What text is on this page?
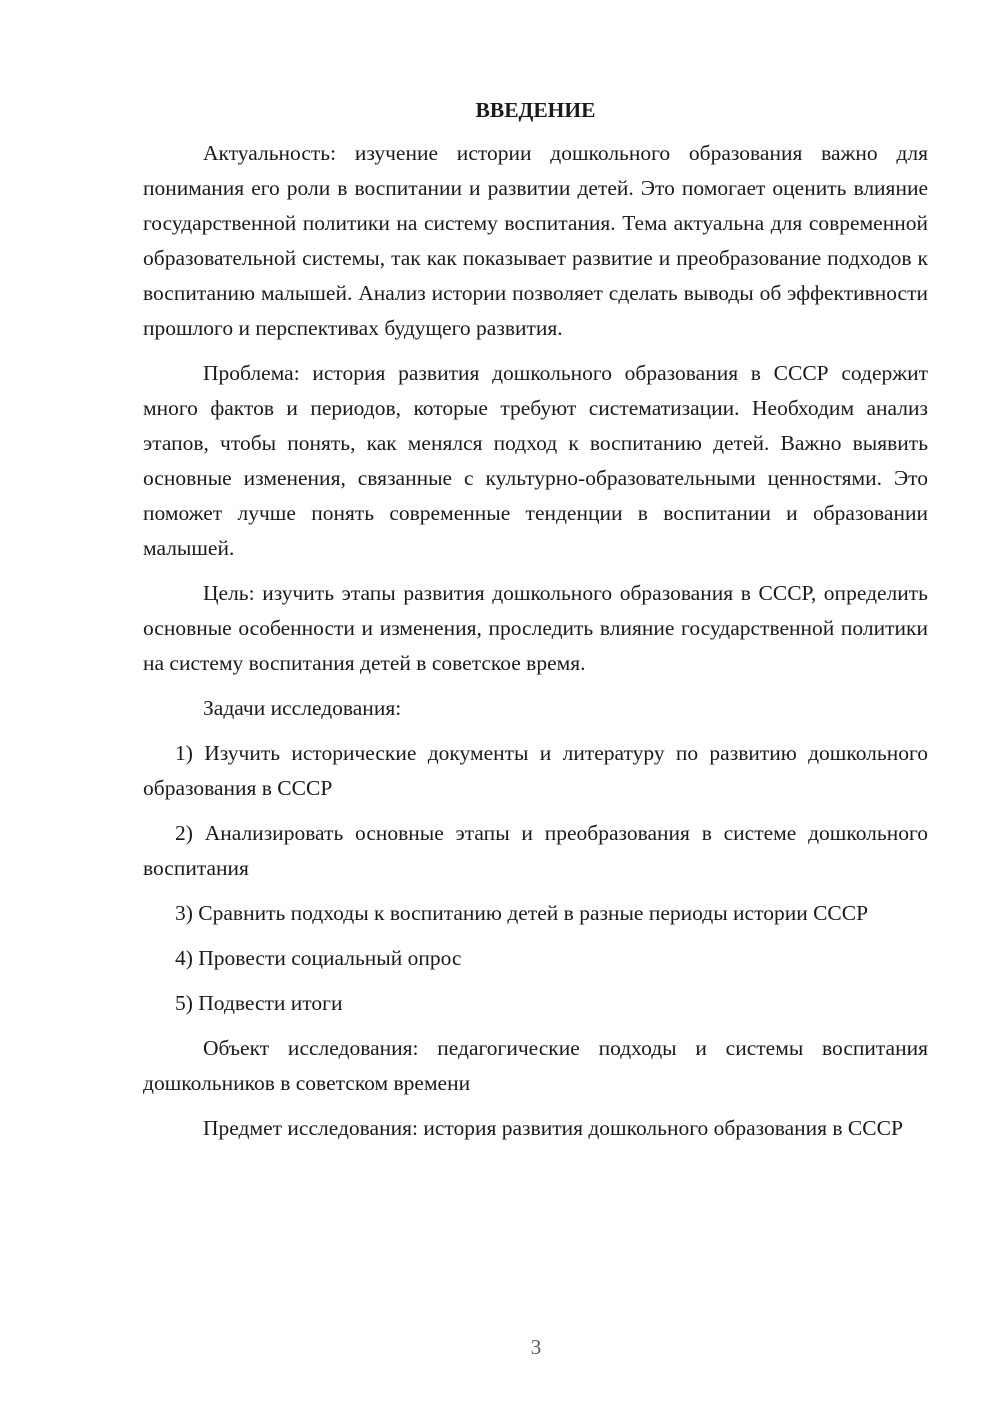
ВВЕДЕНИЕ

Актуальность: изучение истории дошкольного образования важно для понимания его роли в воспитании и развитии детей. Это помогает оценить влияние государственной политики на систему воспитания. Тема актуальна для современной образовательной системы, так как показывает развитие и преобразование подходов к воспитанию малышей. Анализ истории позволяет сделать выводы об эффективности прошлого и перспективах будущего развития.

Проблема: история развития дошкольного образования в СССР содержит много фактов и периодов, которые требуют систематизации. Необходим анализ этапов, чтобы понять, как менялся подход к воспитанию детей. Важно выявить основные изменения, связанные с культурно-образовательными ценностями. Это поможет лучше понять современные тенденции в воспитании и образовании малышей.

Цель: изучить этапы развития дошкольного образования в СССР, определить основные особенности и изменения, проследить влияние государственной политики на систему воспитания детей в советское время.

Задачи исследования:

1) Изучить исторические документы и литературу по развитию дошкольного образования в СССР

2) Анализировать основные этапы и преобразования в системе дошкольного воспитания

3) Сравнить подходы к воспитанию детей в разные периоды истории СССР

4) Провести социальный опрос

5) Подвести итоги

Объект исследования: педагогические подходы и системы воспитания дошкольников в советском времени

Предмет исследования: история развития дошкольного образования в СССР

3
